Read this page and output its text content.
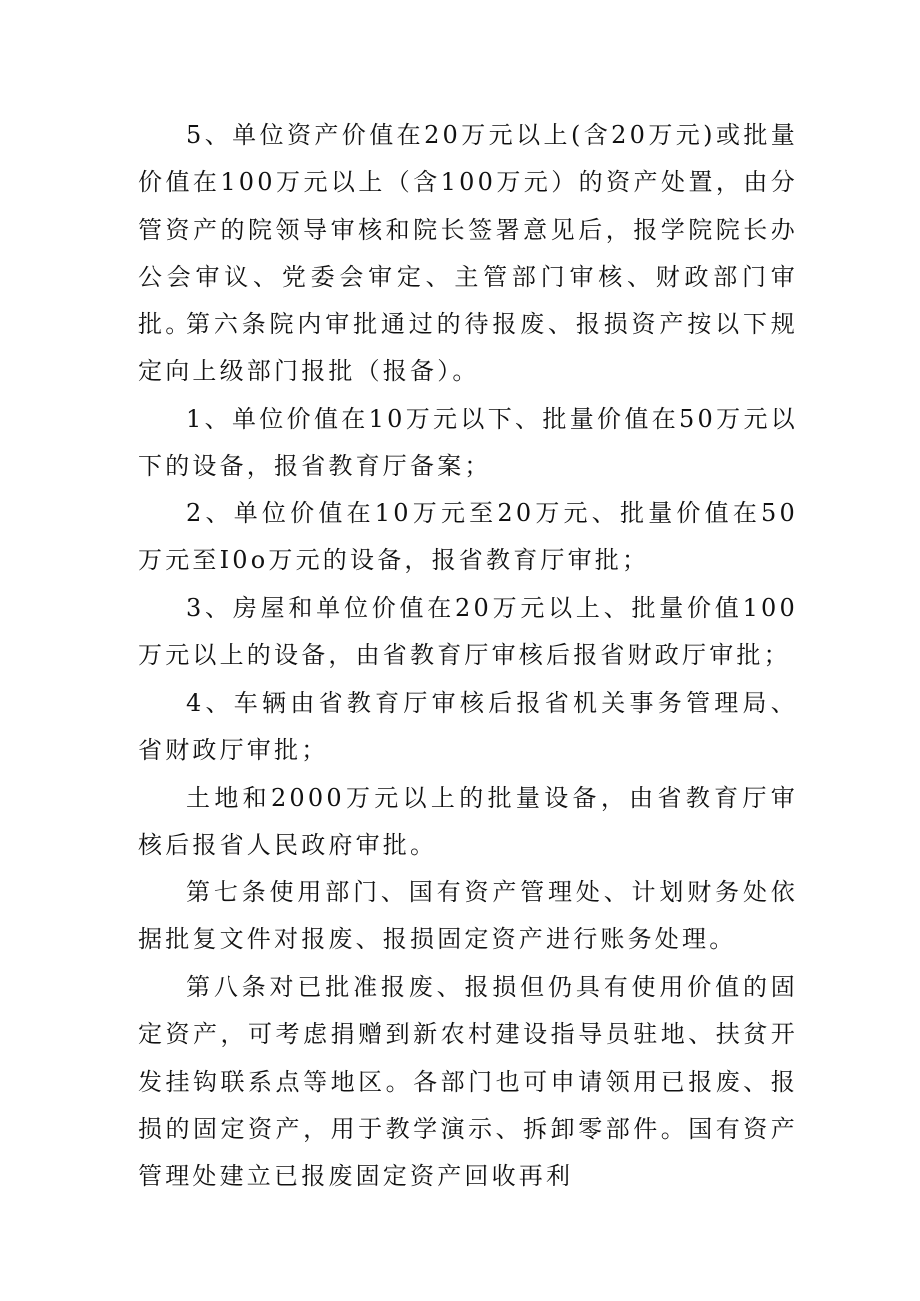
5、单位资产价值在20万元以上(含20万元)或批量价值在100万元以上（含100万元）的资产处置，由分管资产的院领导审核和院长签署意见后，报学院院长办公会审议、党委会审定、主管部门审核、财政部门审批。

第六条院内审批通过的待报废、报损资产按以下规定向上级部门报批（报备）。

1、单位价值在10万元以下、批量价值在50万元以下的设备，报省教育厅备案；

2、单位价值在10万元至20万元、批量价值在50万元至I0o万元的设备，报省教育厅审批；

3、房屋和单位价值在20万元以上、批量价值100万元以上的设备，由省教育厅审核后报省财政厅审批；

4、车辆由省教育厅审核后报省机关事务管理局、省财政厅审批；

土地和2000万元以上的批量设备，由省教育厅审核后报省人民政府审批。

第七条使用部门、国有资产管理处、计划财务处依据批复文件对报废、报损固定资产进行账务处理。

第八条对已批准报废、报损但仍具有使用价值的固定资产，可考虑捐赠到新农村建设指导员驻地、扶贫开发挂钩联系点等地区。各部门也可申请领用已报废、报损的固定资产，用于教学演示、拆卸零部件。国有资产管理处建立已报废固定资产回收再利
